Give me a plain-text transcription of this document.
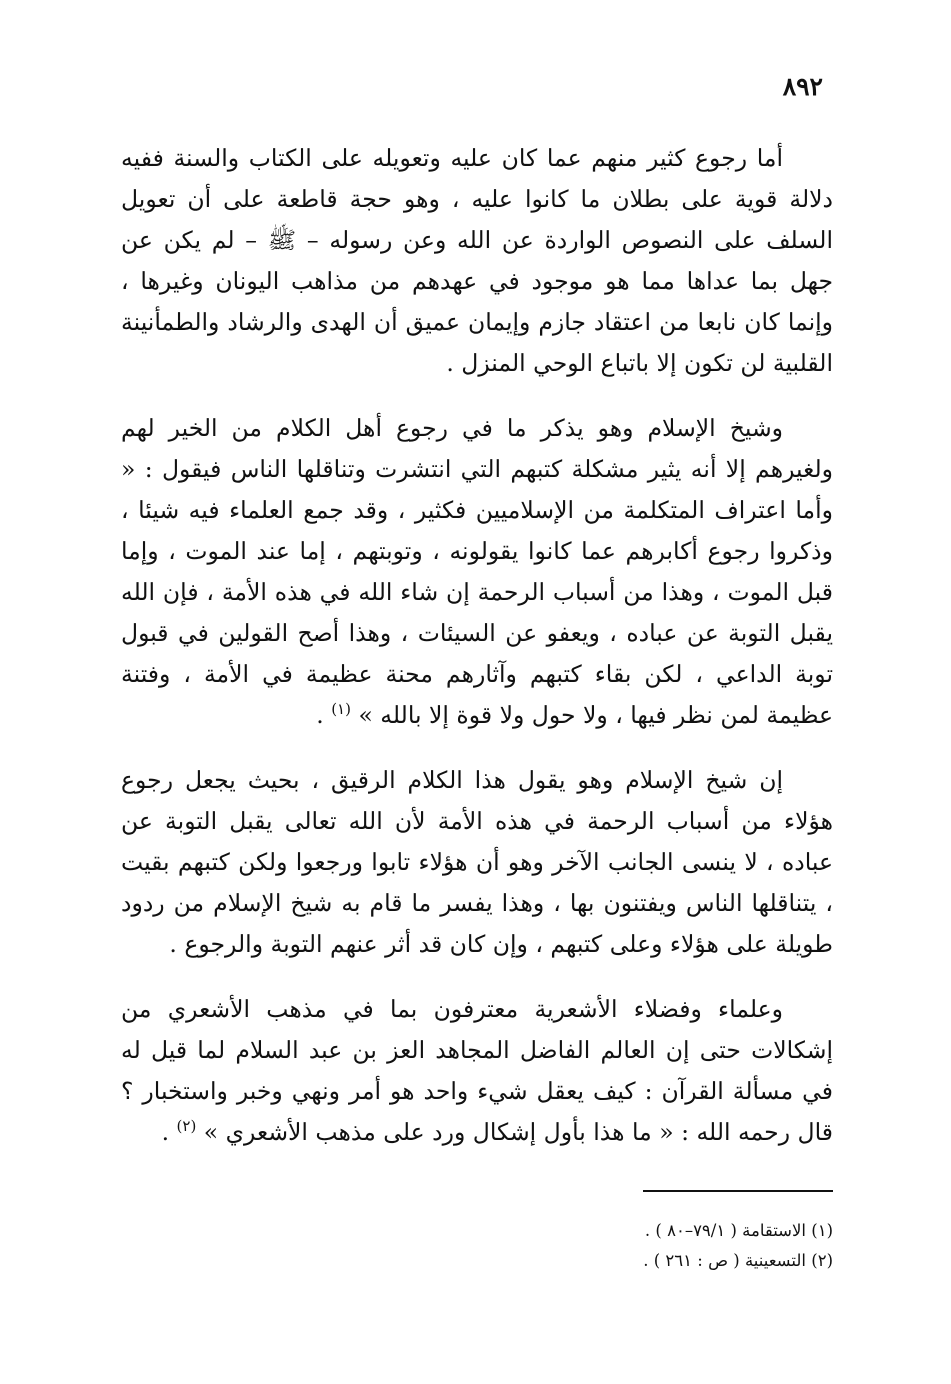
٨٩٢

أما رجوع كثير منهم عما كان عليه وتعويله على الكتاب والسنة ففيه دلالة قوية على بطلان ما كانوا عليه ، وهو حجة قاطعة على أن تعويل السلف على النصوص الواردة عن الله وعن رسوله – ﷺ – لم يكن عن جهل بما عداها مما هو موجود في عهدهم من مذاهب اليونان وغيرها ، وإنما كان نابعا من اعتقاد جازم وإيمان عميق أن الهدى والرشاد والطمأنينة القلبية لن تكون إلا باتباع الوحي المنزل .

وشيخ الإسلام وهو يذكر ما في رجوع أهل الكلام من الخير لهم ولغيرهم إلا أنه يثير مشكلة كتبهم التي انتشرت وتناقلها الناس فيقول : « وأما اعتراف المتكلمة من الإسلاميين فكثير ، وقد جمع العلماء فيه شيئا ، وذكروا رجوع أكابرهم عما كانوا يقولونه ، وتوبتهم ، إما عند الموت ، وإما قبل الموت ، وهذا من أسباب الرحمة إن شاء الله في هذه الأمة ، فإن الله يقبل التوبة عن عباده ، ويعفو عن السيئات ، وهذا أصح القولين في قبول توبة الداعي ، لكن بقاء كتبهم وآثارهم محنة عظيمة في الأمة ، وفتنة عظيمة لمن نظر فيها ، ولا حول ولا قوة إلا بالله » $^{(١)}$ .

إن شيخ الإسلام وهو يقول هذا الكلام الرقيق ، بحيث يجعل رجوع هؤلاء من أسباب الرحمة في هذه الأمة لأن الله تعالى يقبل التوبة عن عباده ، لا ينسى الجانب الآخر وهو أن هؤلاء تابوا ورجعوا ولكن كتبهم بقيت ، يتناقلها الناس ويفتنون بها ، وهذا يفسر ما قام به شيخ الإسلام من ردود طويلة على هؤلاء وعلى كتبهم ، وإن كان قد أثر عنهم التوبة والرجوع .

وعلماء وفضلاء الأشعرية معترفون بما في مذهب الأشعري من إشكالات حتى إن العالم الفاضل المجاهد العز بن عبد السلام لما قيل له في مسألة القرآن : كيف يعقل شيء واحد هو أمر ونهي وخبر واستخبار ؟ قال رحمه الله : « ما هذا بأول إشكال ورد على مذهب الأشعري » $^{(٢)}$ .

(١) الاستقامة ( ٧٩/١–٨٠ ) .
(٢) التسعينية ( ص : ٢٦١ ) .
